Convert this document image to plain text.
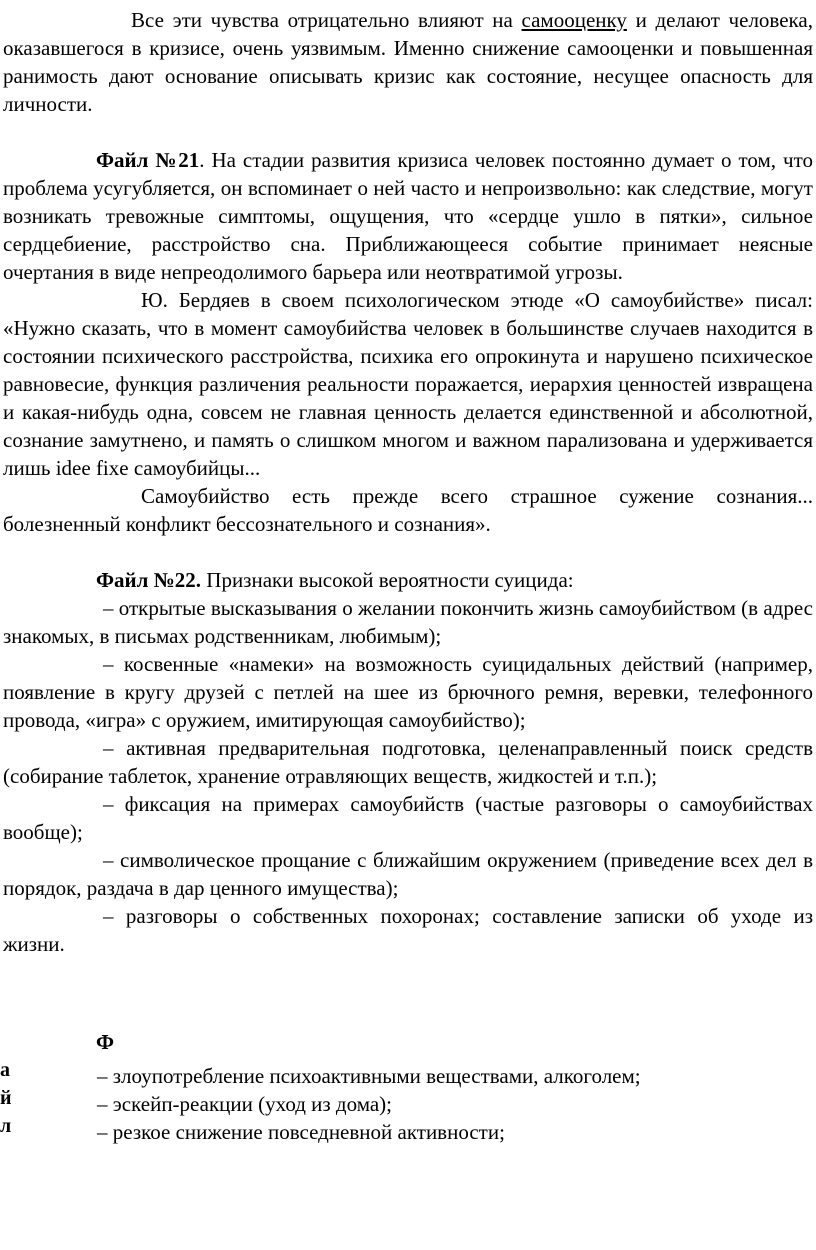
Все эти чувства отрицательно влияют на самооценку и делают человека, оказавшегося в кризисе, очень уязвимым. Именно снижение самооценки и повышенная ранимость дают основание описывать кризис как состояние, несущее опасность для личности.

Файл №21. На стадии развития кризиса человек постоянно думает о том, что проблема усугубляется, он вспоминает о ней часто и непроизвольно: как следствие, могут возникать тревожные симптомы, ощущения, что «сердце ушло в пятки», сильное сердцебиение, расстройство сна. Приближающееся событие принимает неясные очертания в виде непреодолимого барьера или неотвратимой угрозы.

Ю. Бердяев в своем психологическом этюде «О самоубийстве» писал: «Нужно сказать, что в момент самоубийства человек в большинстве случаев находится в состоянии психического расстройства, психика его опрокинута и нарушено психическое равновесие, функция различения реальности поражается, иерархия ценностей извращена и какая-нибудь одна, совсем не главная ценность делается единственной и абсолютной, сознание замутнено, и память о слишком многом и важном парализована и удерживается лишь idee fixe самоубийцы...

Самоубийство есть прежде всего страшное сужение сознания... болезненный конфликт бессознательного и сознания».

Файл №22. Признаки высокой вероятности суицида:

– открытые высказывания о желании покончить жизнь самоубийством (в адрес знакомых, в письмах родственникам, любимым);

– косвенные «намеки» на возможность суицидальных действий (например, появление в кругу друзей с петлей на шее из брючного ремня, веревки, телефонного провода, «игра» с оружием, имитирующая самоубийство);

– активная предварительная подготовка, целенаправленный поиск средств (собирание таблеток, хранение отравляющих веществ, жидкостей и т.п.);

– фиксация на примерах самоубийств (частые разговоры о самоубийствах вообще);

– символическое прощание с ближайшим окружением (приведение всех дел в порядок, раздача в дар ценного имущества);

– разговоры о собственных похоронах; составление записки об уходе из жизни.

Ф

а
й
л

– злоупотребление психоактивными веществами, алкоголем;

– эскейп-реакции (уход из дома);

– резкое снижение повседневной активности;
